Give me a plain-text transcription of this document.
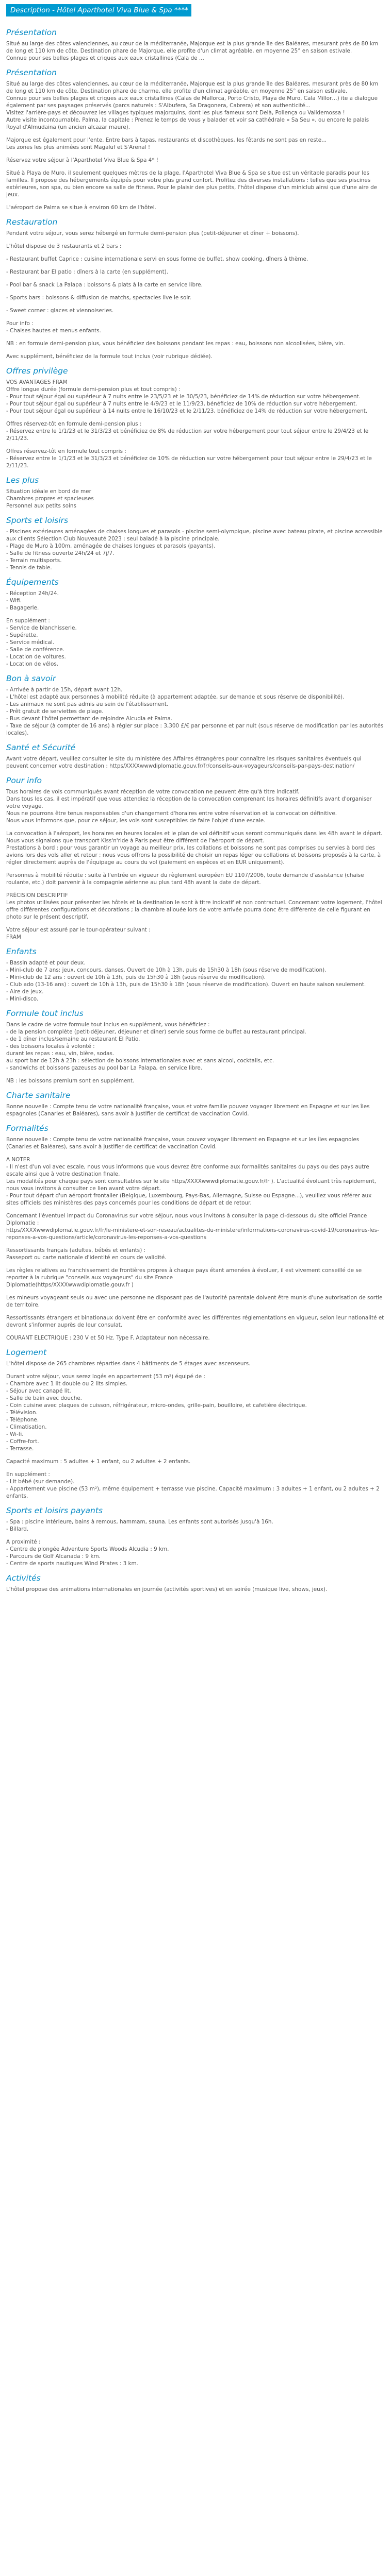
Description - Hôtel Aparthotel Viva Blue & Spa ****
Présentation

Situé au large des côtes valenciennes, au cœur de la méditerranée, Majorque est la plus grande île des Baléares, mesurant près de 80 km de long et 110 km de côte. Destination phare de Majorque, elle profite d'un climat agréable, en moyenne 25° en saison estivale.
Connue pour ses belles plages et criques aux eaux cristallines (Cala de ...

Présentation

Situé au large des côtes valenciennes, au cœur de la méditerranée, Majorque est la plus grande île des Baléares, mesurant près de 80 km de long et 110 km de côte. Destination phare de charme, elle profite d'un climat agréable, en moyenne 25° en saison estivale.
Connue pour ses belles plages et criques aux eaux cristallines (Calas de Mallorca, Porto Cristo, Playa de Muro, Cala Millor…) ite a dialogue également par ses paysages préservés (parcs naturels : S'Albufera, Sa Dragonera, Cabrera) et son authenticité...
Visitez l'arrière-pays et découvrez les villages typiques majorquins, dont les plus fameux sont Deià, Pollença ou Valldemossa !
Autre visite incontournable, Palma, la capitale : Prenez le temps de vous y balader et voir sa cathédrale « Sa Seu », ou encore le palais Royal d'Almudaina (un ancien alcazar maure).

Majorque est également pour l'ente. Entre bars à tapas, restaurants et discothèques, les fêtards ne sont pas en reste...
Les zones les plus animées sont Magaluf et S'Arenal !

Réservez votre séjour à l'Aparthotel Viva Blue & Spa 4* !

Situé à Playa de Muro, il seulement quelques mètres de la plage, l'Aparthotel Viva Blue & Spa se situe est un véritable paradis pour les familles. Il propose des hébergements équipés pour votre plus grand confort. Profitez des diverses installations : telles que ses piscines extérieures, son spa, ou bien encore sa salle de fitness. Pour le plaisir des plus petits, l'hôtel dispose d'un miniclub ainsi que d'une aire de jeux.

L'aéroport de Palma se situe à environ 60 km de l'hôtel.

Restauration

Pendant votre séjour, vous serez hébergé en formule demi-pension plus (petit-déjeuner et dîner + boissons).

L'hôtel dispose de 3 restaurants et 2 bars :

- Restaurant buffet Caprice : cuisine internationale servi en sous forme de buffet, show cooking, dîners à thème.

- Restaurant bar El patio : dîners à la carte (en supplément).

- Pool bar & snack La Palapa : boissons & plats à la carte en service libre.

- Sports bars : boissons & diffusion de matchs, spectacles live le soir.

- Sweet corner : glaces et viennoiseries.

Pour info :
- Chaises hautes et menus enfants.

NB : en formule demi-pension plus, vous bénéficiez des boissons pendant les repas : eau, boissons non alcoolisées, bière, vin.

Avec supplément, bénéficiez de la formule tout inclus (voir rubrique dédiée).

Offres privilège

VOS AVANTAGES FRAM
Offre longue durée (formule demi-pension plus et tout compris) :
- Pour tout séjour égal ou supérieur à 7 nuits entre le 23/5/23 et le 30/5/23, bénéficiez de 14% de réduction sur votre hébergement.
- Pour tout séjour égal ou supérieur à 7 nuits entre le 4/9/23 et le 11/9/23, bénéficiez de 10% de réduction sur votre hébergement.
- Pour tout séjour égal ou supérieur à 14 nuits entre le 16/10/23 et le 2/11/23, bénéficiez de 14% de réduction sur votre hébergement.

Offres réservez-tôt en formule demi-pension plus :
- Réservez entre le 1/1/23 et le 31/3/23 et bénéficiez de 8% de réduction sur votre hébergement pour tout séjour entre le 29/4/23 et le 2/11/23.

Offres réservez-tôt en formule tout compris :
- Réservez entre le 1/1/23 et le 31/3/23 et bénéficiez de 10% de réduction sur votre hébergement pour tout séjour entre le 29/4/23 et le 2/11/23.

Les plus

Situation idéale en bord de mer
Chambres propres et spacieuses
Personnel aux petits soins

Sports et loisirs

- Piscines extérieures aménagées de chaises longues et parasols - piscine semi-olympique, piscine avec bateau pirate, et piscine accessible aux clients Sélection Club Nouveauté 2023 : seul baladé à la piscine principale.
- Plage de Muro à 100m, aménagée de chaises longues et parasols (payants).
- Salle de fitness ouverte 24h/24 et 7j/7.
- Terrain multisports.
- Tennis de table.

Équipements

- Réception 24h/24.
- Wifi.
- Bagagerie.

En supplément :
- Service de blanchisserie.
- Supérette.
- Service médical.
- Salle de conférence.
- Location de voitures.
- Location de vélos.

Bon à savoir

- Arrivée à partir de 15h, départ avant 12h.
- L'hôtel est adapté aux personnes à mobilité réduite (à appartement adaptée, sur demande et sous réserve de disponibilité).
- Les animaux ne sont pas admis au sein de l'établissement.
- Prêt gratuit de serviettes de plage.
- Bus devant l'hôtel permettant de rejoindre Alcudia et Palma.
- Taxe de séjour (à compter de 16 ans) à régler sur place : 3,300 £/€ par personne et par nuit (sous réserve de modification par les autorités locales).

Santé et Sécurité

Avant votre départ, veuillez consulter le site du ministère des Affaires étrangères pour connaître les risques sanitaires éventuels qui peuvent concerner votre destination : https/XXXXwwwdiplomatie.gouv.fr/fr/conseils-aux-voyageurs/conseils-par-pays-destination/

Pour info

Tous horaires de vols communiqués avant réception de votre convocation ne peuvent être qu'à titre indicatif.
Dans tous les cas, il est impératif que vous attendiez la réception de la convocation comprenant les horaires définitifs avant d'organiser votre voyage.
Nous ne pourrons être tenus responsables d'un changement d'horaires entre votre réservation et la convocation définitive.
Nous vous informons que, pour ce séjour, les vols sont susceptibles de faire l'objet d'une escale.

La convocation à l'aéroport, les horaires en heures locales et le plan de vol définitif vous seront communiqués dans les 48h avant le départ.
Nous vous signalons que transport Kiss'n'ride à Paris peut être différent de l'aéroport de départ.
Prestations à bord : pour vous garantir un voyage au meilleur prix, les collations et boissons ne sont pas comprises ou servies à bord des avions lors des vols aller et retour ; nous vous offrons la possibilité de choisir un repas léger ou collations et boissons proposés à la carte, à régler directement auprès de l'équipage au cours du vol (paiement en espèces et en EUR uniquement).

Personnes à mobilité réduite : suite à l'entrée en vigueur du règlement européen EU 1107/2006, toute demande d'assistance (chaise roulante, etc.) doit parvenir à la compagnie aérienne au plus tard 48h avant la date de départ.

PRÉCISION DESCRIPTIF
Les photos utilisées pour présenter les hôtels et la destination le sont à titre indicatif et non contractuel. Concernant votre logement, l'hôtel offre différentes configurations et décorations ; la chambre allouée lors de votre arrivée pourra donc être différente de celle figurant en photo sur le présent descriptif.

Votre séjour est assuré par le tour-opérateur suivant :
FRAM

Enfants

- Bassin adapté et pour deux.
- Mini-club de 7 ans: jeux, concours, danses. Ouvert de 10h à 13h, puis de 15h30 à 18h (sous réserve de modification).
- Mini-club de 12 ans : ouvert de 10h à 13h, puis de 15h30 à 18h (sous réserve de modification).
- Club ado (13-16 ans) : ouvert de 10h à 13h, puis de 15h30 à 18h (sous réserve de modification). Ouvert en haute saison seulement.
- Aire de jeux.
- Mini-disco.

Formule tout inclus

Dans le cadre de votre formule tout inclus en supplément, vous bénéficiez :
- de la pension complète (petit-déjeuner, déjeuner et dîner) servie sous forme de buffet au restaurant principal.
- de 1 dîner inclus/semaine au restaurant El Patio.
- des boissons locales à volonté :
durant les repas : eau, vin, bière, sodas.
au sport bar de 12h à 23h : sélection de boissons internationales avec et sans alcool, cocktails, etc.
- sandwichs et boissons gazeuses au pool bar La Palapa, en service libre.

NB : les boissons premium sont en supplément.

Charte sanitaire

Bonne nouvelle : Compte tenu de votre nationalité française, vous et votre famille pouvez voyager librement en Espagne et sur les îles espagnoles (Canaries et Baléares), sans avoir à justifier de certificat de vaccination Covid.

Formalités

Bonne nouvelle : Compte tenu de votre nationalité française, vous pouvez voyager librement en Espagne et sur les îles espagnoles (Canaries et Baléares), sans avoir à justifier de certificat de vaccination Covid.

A NOTER
- Il n'est d'un vol avec escale, nous vous informons que vous devrez être conforme aux formalités sanitaires du pays ou des pays autre escale ainsi que à votre destination finale.
Les modalités pour chaque pays sont consultables sur le site https/XXXXwwwdiplomatie.gouv.fr/fr ). L'actualité évoluant très rapidement, nous vous invitons à consulter ce lien avant votre départ.
- Pour tout départ d'un aéroport frontalier (Belgique, Luxembourg, Pays-Bas, Allemagne, Suisse ou Espagne...), veuillez vous référer aux sites officiels des ministères des pays concernés pour les conditions de départ et de retour.

Concernant l'éventuel impact du Coronavirus sur votre séjour, nous vous invitons à consulter la page ci-dessous du site officiel France Diplomatie :
https/XXXXwwwdiplomatie.gouv.fr/fr/le-ministere-et-son-reseau/actualites-du-ministere/informations-coronavirus-covid-19/coronavirus-les-reponses-a-vos-questions/article/coronavirus-les-reponses-a-vos-questions

Ressortissants français (adultes, bébés et enfants) :
Passeport ou carte nationale d'identité en cours de validité.

Les règles relatives au franchissement de frontières propres à chaque pays étant amenées à évoluer, il est vivement conseillé de se reporter à la rubrique "conseils aux voyageurs" du site France
Diplomatie(https/XXXXwwwdiplomatie.gouv.fr )

Les mineurs voyageant seuls ou avec une personne ne disposant pas de l'autorité parentale doivent être munis d'une autorisation de sortie de territoire.

Ressortissants étrangers et binationaux doivent être en conformité avec les différentes réglementations en vigueur, selon leur nationalité et devront s'informer auprès de leur consulat.

COURANT ELECTRIQUE : 230 V et 50 Hz. Type F. Adaptateur non nécessaire.

Logement

L'hôtel dispose de 265 chambres réparties dans 4 bâtiments de 5 étages avec ascenseurs.

Durant votre séjour, vous serez logés en appartement (53 m²) équipé de :
- Chambre avec 1 lit double ou 2 lits simples.
- Séjour avec canapé lit.
- Salle de bain avec douche.
- Coin cuisine avec plaques de cuisson, réfrigérateur, micro-ondes, grille-pain, bouilloire, et cafetière électrique.
- Télévision.
- Téléphone.
- Climatisation.
- Wi-fi.
- Coffre-fort.
- Terrasse.

Capacité maximum : 5 adultes + 1 enfant, ou 2 adultes + 2 enfants.

En supplément :
- Lit bébé (sur demande).
- Appartement vue piscine (53 m²), même équipement + terrasse vue piscine. Capacité maximum : 3 adultes + 1 enfant, ou 2 adultes + 2 enfants.

Sports et loisirs payants

- Spa : piscine intérieure, bains à remous, hammam, sauna. Les enfants sont autorisés jusqu'à 16h.
- Billard.

A proximité :
- Centre de plongée Adventure Sports Woods Alcudia : 9 km.
- Parcours de Golf Alcanada : 9 km.
- Centre de sports nautiques Wind Pirates : 3 km.

Activités

L'hôtel propose des animations internationales en journée (activités sportives) et en soirée (musique live, shows, jeux).
